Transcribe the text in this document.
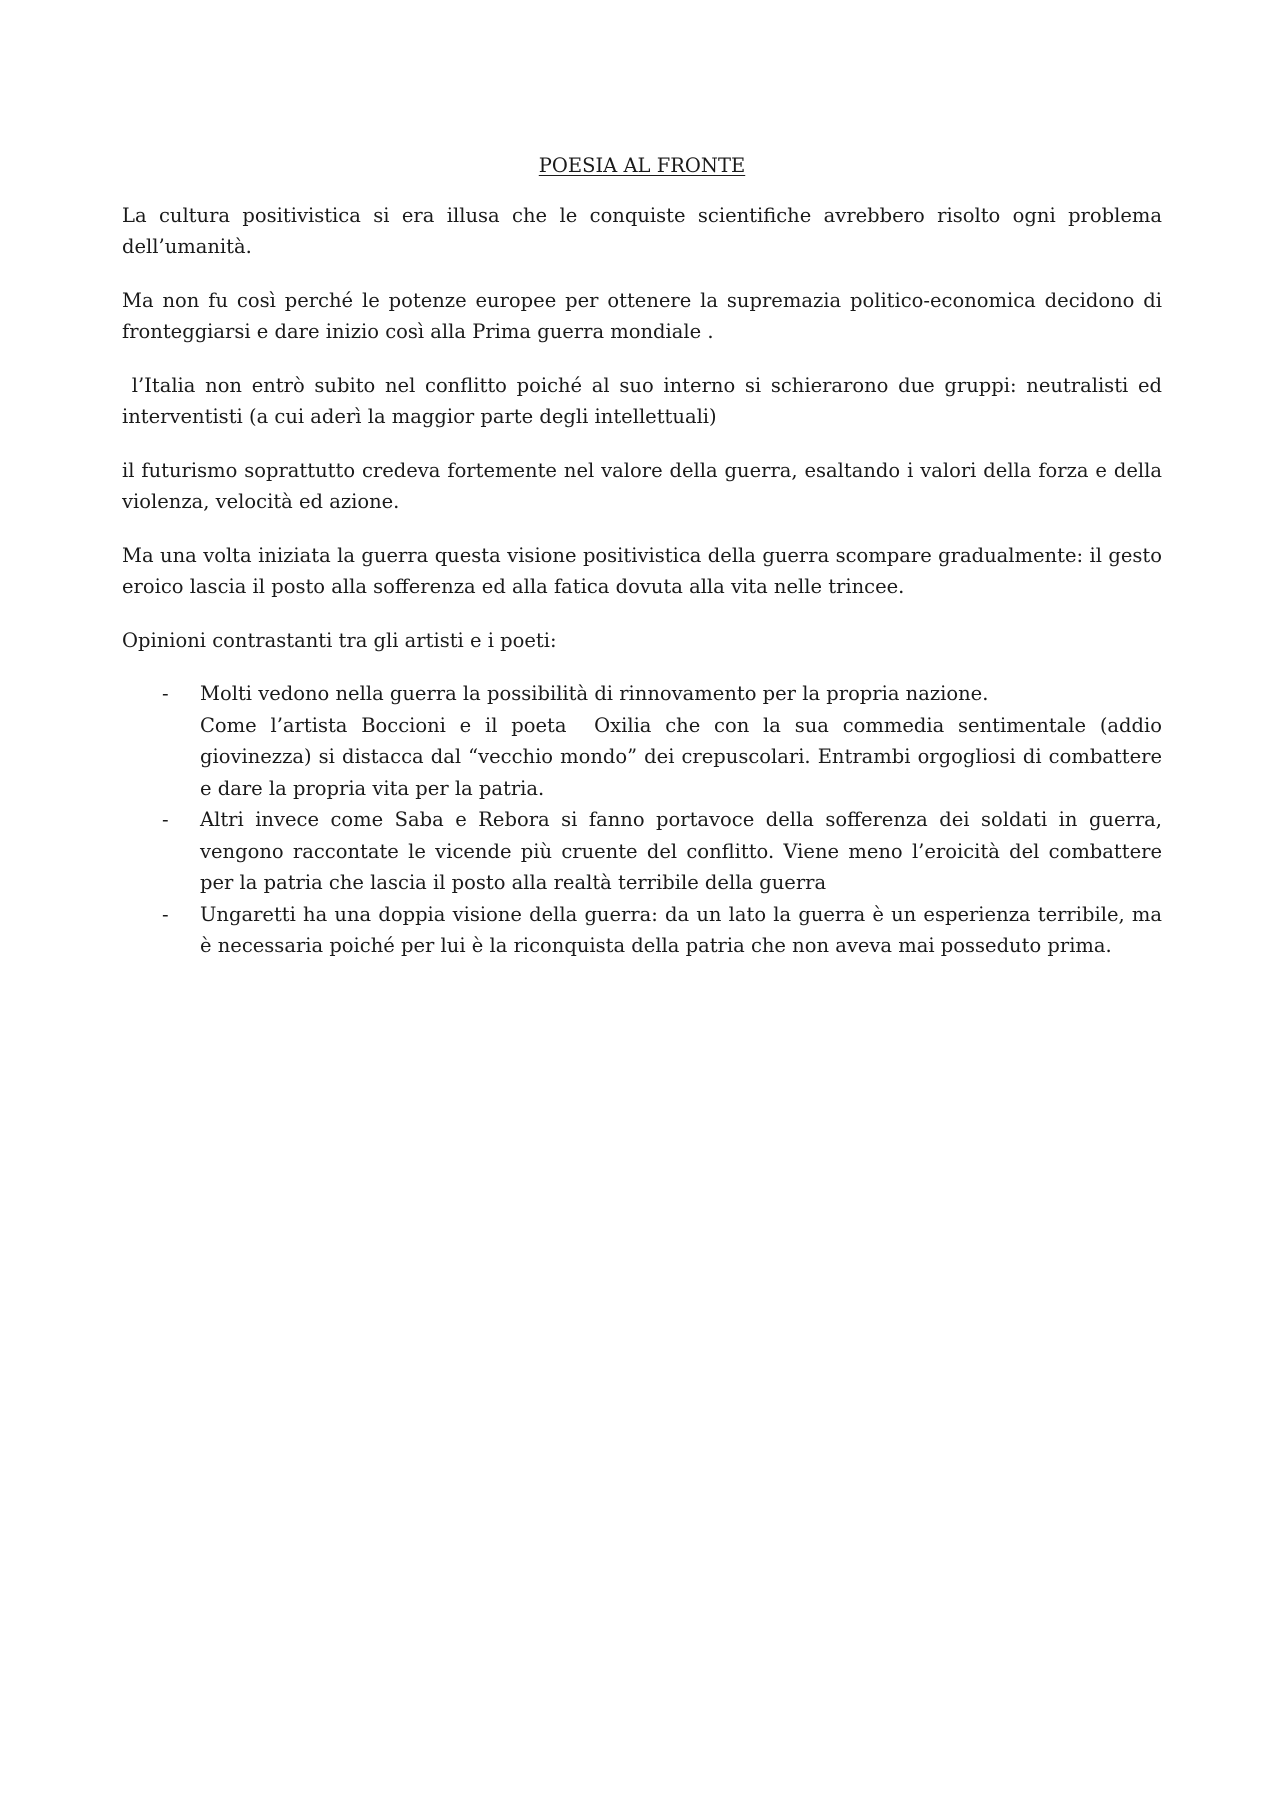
POESIA AL FRONTE

La cultura positivistica si era illusa che le conquiste scientifiche avrebbero risolto ogni problema dell’umanità.

Ma non fu così perché le potenze europee per ottenere la supremazia politico-economica decidono di fronteggiarsi e dare inizio così alla Prima guerra mondiale .

l’Italia non entrò subito nel conflitto poiché al suo interno si schierarono due gruppi: neutralisti ed interventisti (a cui aderì la maggior parte degli intellettuali)

il futurismo soprattutto credeva fortemente nel valore della guerra, esaltando i valori della forza e della violenza, velocità ed azione.

Ma una volta iniziata la guerra questa visione positivistica della guerra scompare gradualmente: il gesto eroico lascia il posto alla sofferenza ed alla fatica dovuta alla vita nelle trincee.

Opinioni contrastanti tra gli artisti e i poeti:

- Molti vedono nella guerra la possibilità di rinnovamento per la propria nazione.
Come l’artista Boccioni e il poeta  Oxilia che con la sua commedia sentimentale (addio giovinezza) si distacca dal “vecchio mondo” dei crepuscolari. Entrambi orgogliosi di combattere e dare la propria vita per la patria.
- Altri invece come Saba e Rebora si fanno portavoce della sofferenza dei soldati in guerra, vengono raccontate le vicende più cruente del conflitto. Viene meno l’eroicità del combattere per la patria che lascia il posto alla realtà terribile della guerra
- Ungaretti ha una doppia visione della guerra: da un lato la guerra è un esperienza terribile, ma è necessaria poiché per lui è la riconquista della patria che non aveva mai posseduto prima.
